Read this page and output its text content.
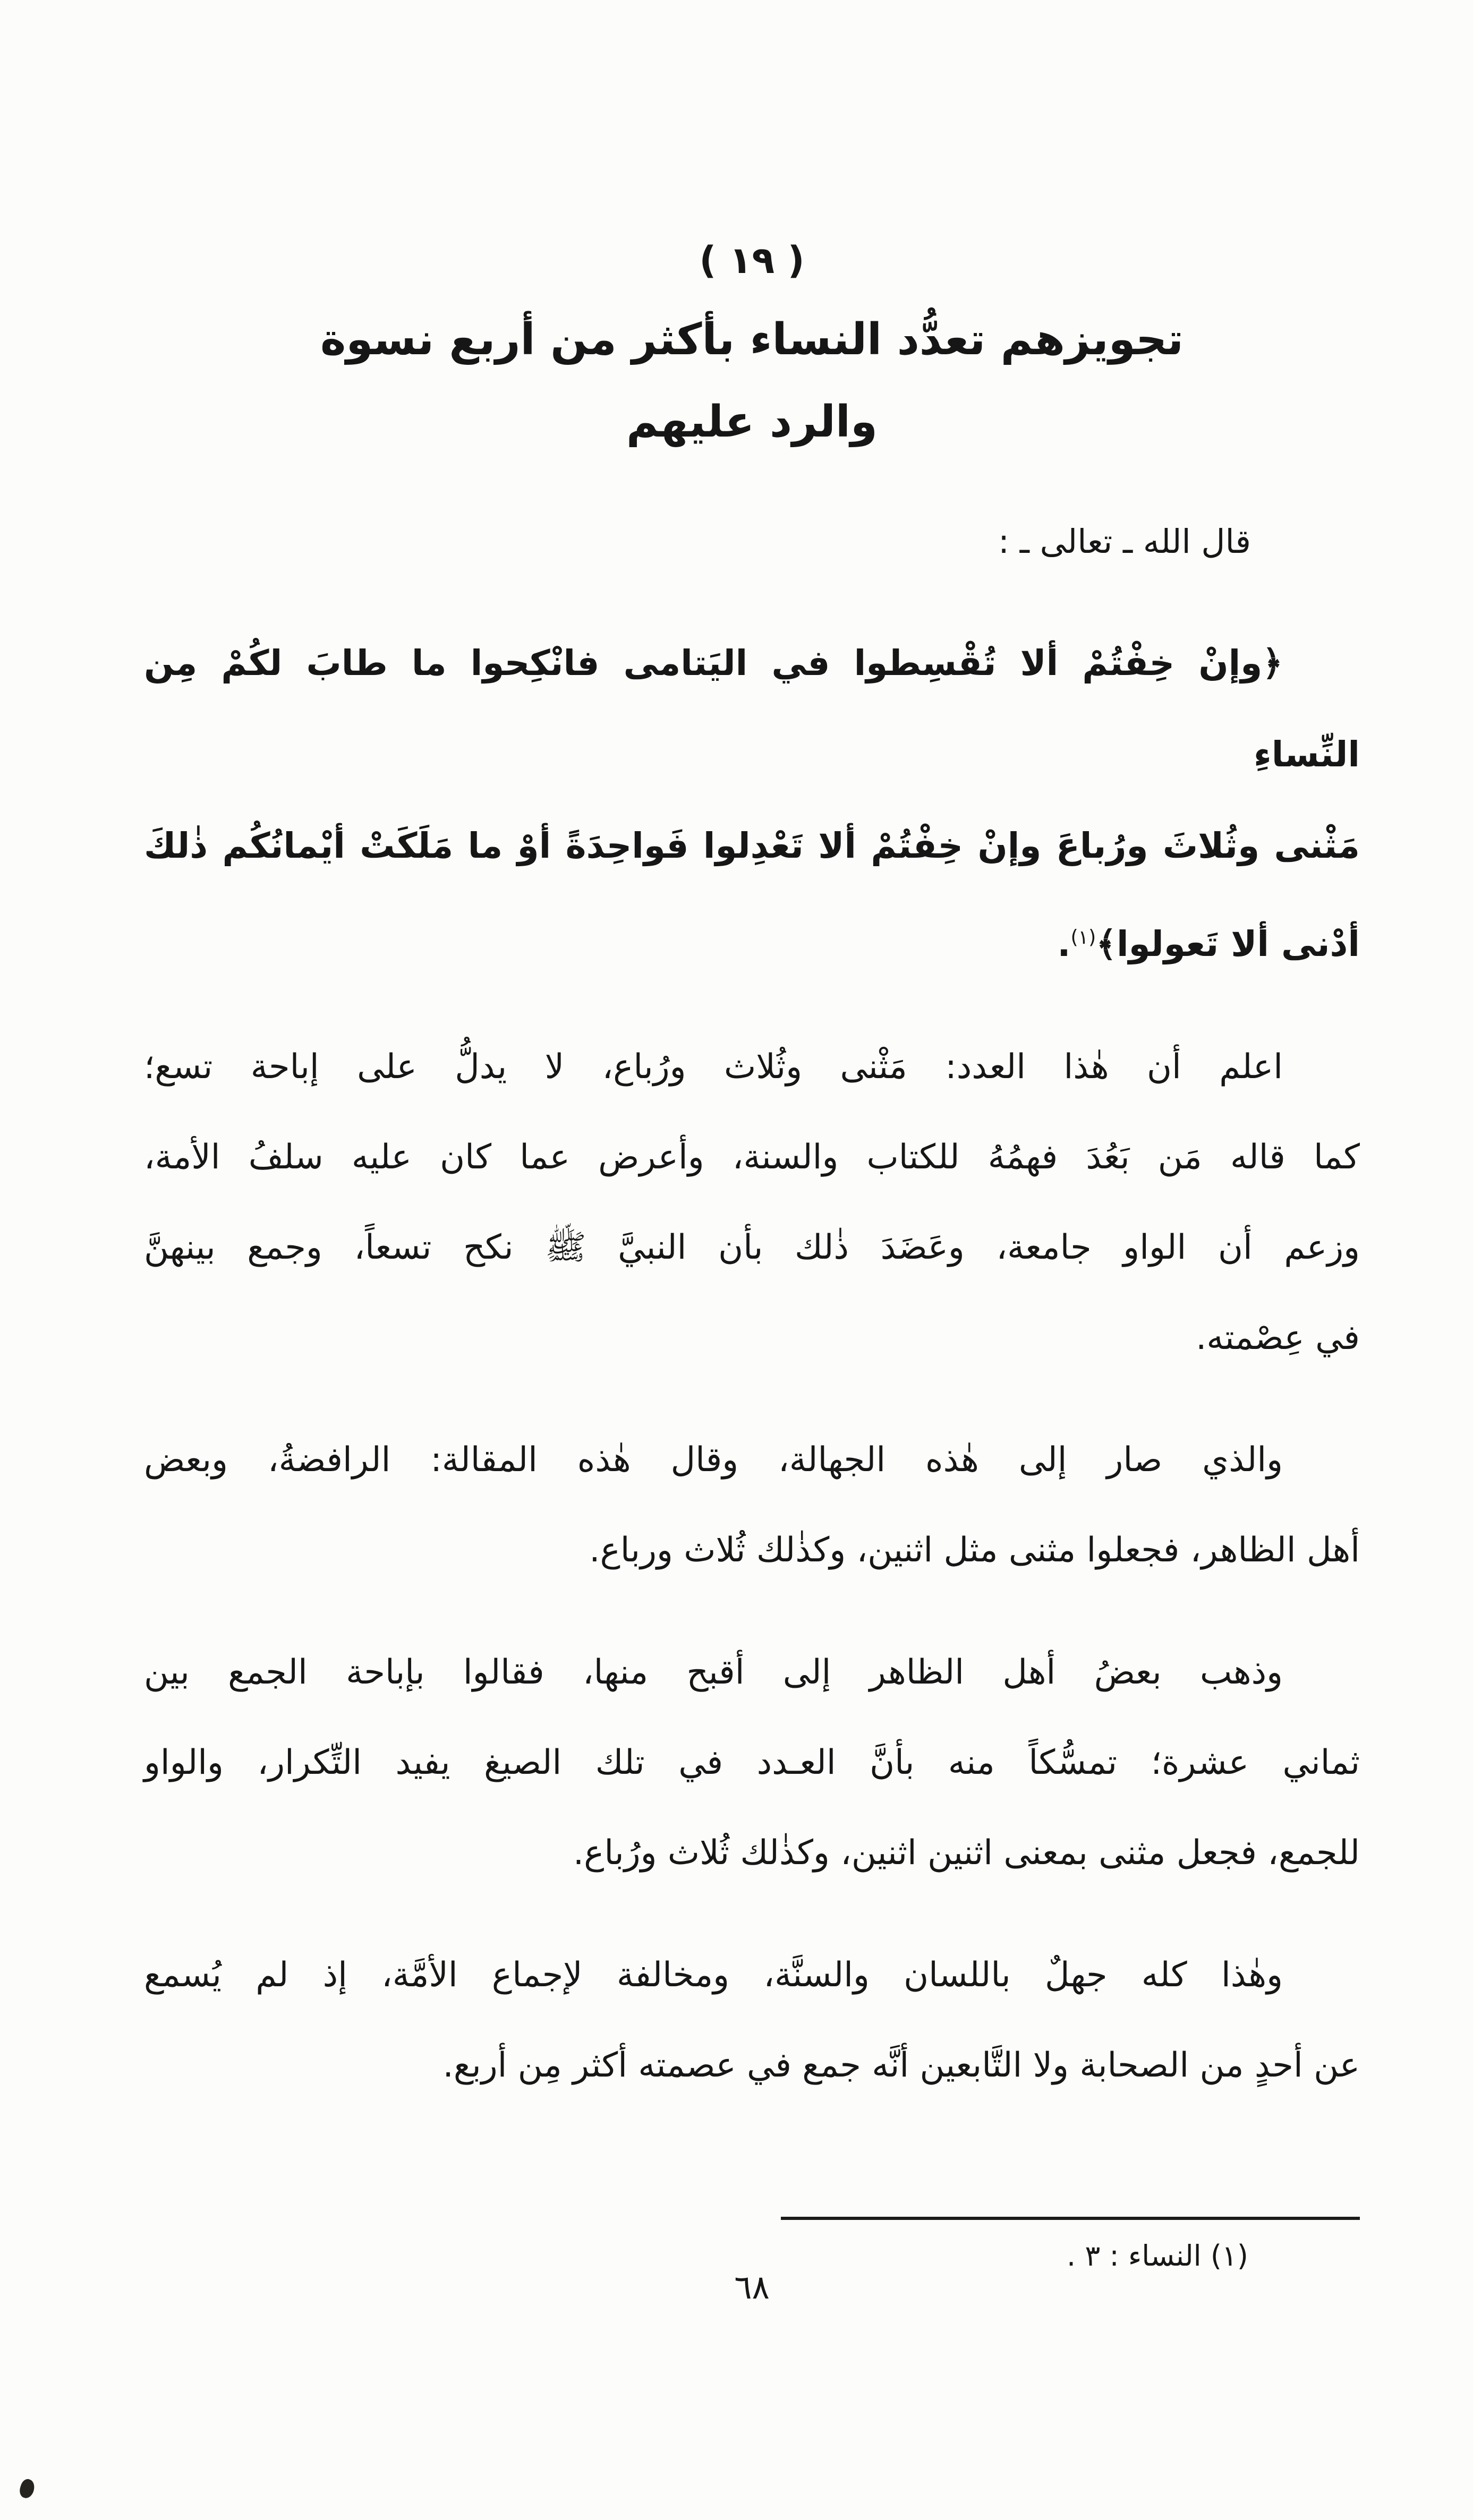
( ١٩ )
تجويزهم تعدُّد النساء بأكثر من أربع نسوة
والرد عليهم
قال الله ـ تعالى ـ :
﴿وإنْ خِفْتُمْ ألا تُقْسِطوا في اليَتامى فانْكِحوا ما طابَ لكُمْ مِن النِّساءِ
مَثْنى وثُلاثَ ورُباعَ وإنْ خِفْتُمْ ألا تَعْدِلوا فَواحِدَةً أوْ ما مَلَكَتْ أيْمانُكُم ذٰلكَ
أدْنى ألا تَعولوا﴾$^{(١)}$.
اعلم أن هٰذا العدد: مَثْنى وثُلاث ورُباع، لا يدلُّ على إباحة تسع؛
كما قاله مَن بَعُدَ فهمُهُ للكتاب والسنة، وأعرض عما كان عليه سلفُ الأمة،
وزعم أن الواو جامعة، وعَضَدَ ذٰلك بأن النبيَّ ﷺ نكح تسعاً، وجمع بينهنَّ
في عِصْمته.
والذي صار إلى هٰذه الجهالة، وقال هٰذه المقالة: الرافضةُ، وبعض
أهل الظاهر، فجعلوا مثنى مثل اثنين، وكذٰلك ثُلاث ورباع.
وذهب بعضُ أهل الظاهر إلى أقبح منها، فقالوا بإباحة الجمع بين
ثماني عشرة؛ تمسُّكاً منه بأنَّ العـدد في تلك الصيغ يفيد التِّكرار، والواو
للجمع، فجعل مثنى بمعنى اثنين اثنين، وكذٰلك ثُلاث ورُباع.
وهٰذا كله جهلٌ باللسان والسنَّة، ومخالفة لإجماع الأمَّة، إذ لم يُسمع
عن أحدٍ من الصحابة ولا التَّابعين أنَّه جمع في عصمته أكثر مِن أربع.
(١) النساء : ٣ .
٦٨
